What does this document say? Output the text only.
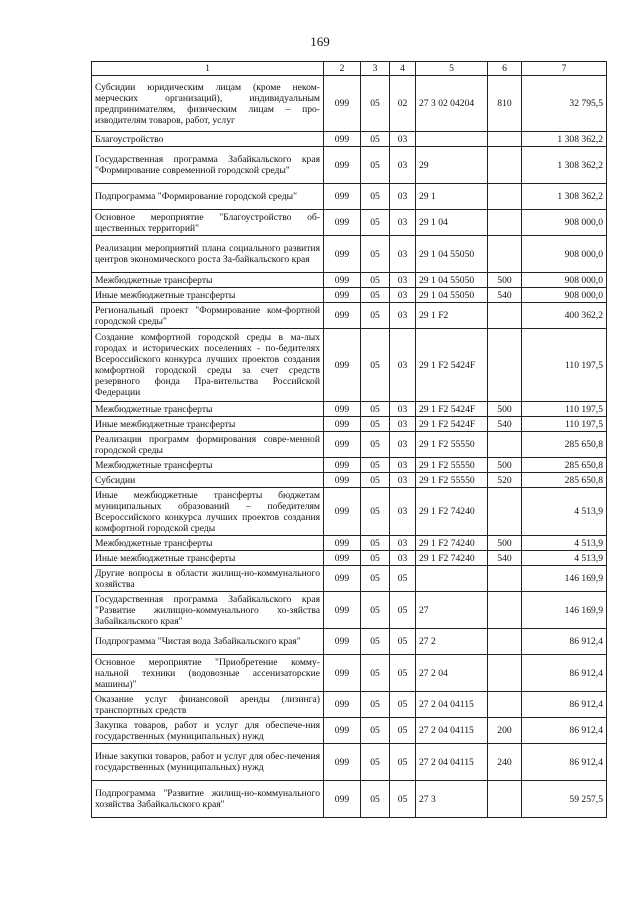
169
1	2	3	4	5	6	7
Субсидии юридическим лицам (кроме неком-мерческих организаций), индивидуальным предпринимателям, физическим лицам – про-изводителям товаров, работ, услуг	099	05	02	27 3 02 04204	810	32 795,5
Благоустройство	099	05	03			1 308 362,2
Государственная программа Забайкальского края "Формирование современной городской среды"	099	05	03	29		1 308 362,2
Подпрограмма "Формирование городской среды"	099	05	03	29 1		1 308 362,2
Основное мероприятие "Благоустройство об-щественных территорий"	099	05	03	29 1 04		908 000,0
Реализация мероприятий плана социального развития центров экономического роста За-байкальского края	099	05	03	29 1 04 55050		908 000,0
Межбюджетные трансферты	099	05	03	29 1 04 55050	500	908 000,0
Иные межбюджетные трансферты	099	05	03	29 1 04 55050	540	908 000,0
Региональный проект "Формирование ком-фортной городской среды"	099	05	03	29 1 F2		400 362,2
Создание комфортной городской среды в ма-лых городах и исторических поселениях - по-бедителях Всероссийского конкурса лучших проектов создания комфортной городской среды за счет средств резервного фонда Пра-вительства Российской Федерации	099	05	03	29 1 F2 5424F		110 197,5
Межбюджетные трансферты	099	05	03	29 1 F2 5424F	500	110 197,5
Иные межбюджетные трансферты	099	05	03	29 1 F2 5424F	540	110 197,5
Реализация программ формирования совре-менной городской среды	099	05	03	29 1 F2 55550		285 650,8
Межбюджетные трансферты	099	05	03	29 1 F2 55550	500	285 650,8
Субсидии	099	05	03	29 1 F2 55550	520	285 650,8
Иные межбюджетные трансферты бюджетам муниципальных образований – победителям Всероссийского конкурса лучших проектов создания комфортной городской среды	099	05	03	29 1 F2 74240		4 513,9
Межбюджетные трансферты	099	05	03	29 1 F2 74240	500	4 513,9
Иные межбюджетные трансферты	099	05	03	29 1 F2 74240	540	4 513,9
Другие вопросы в области жилищ-но-коммунального хозяйства	099	05	05			146 169,9
Государственная программа Забайкальского края "Развитие жилищно-коммунального хо-зяйства Забайкальского края"	099	05	05	27		146 169,9
Подпрограмма "Чистая вода Забайкальского края"	099	05	05	27 2		86 912,4
Основное мероприятие "Приобретение комму-нальной техники (водовозные ассенизаторские машины)"	099	05	05	27 2 04		86 912,4
Оказание услуг финансовой аренды (лизинга) транспортных средств	099	05	05	27 2 04 04115		86 912,4
Закупка товаров, работ и услуг для обеспече-ния государственных (муниципальных) нужд	099	05	05	27 2 04 04115	200	86 912,4
Иные закупки товаров, работ и услуг для обес-печения государственных (муниципальных) нужд	099	05	05	27 2 04 04115	240	86 912,4
Подпрограмма "Развитие жилищ-но-коммунального хозяйства Забайкальского края"	099	05	05	27 3		59 257,5
